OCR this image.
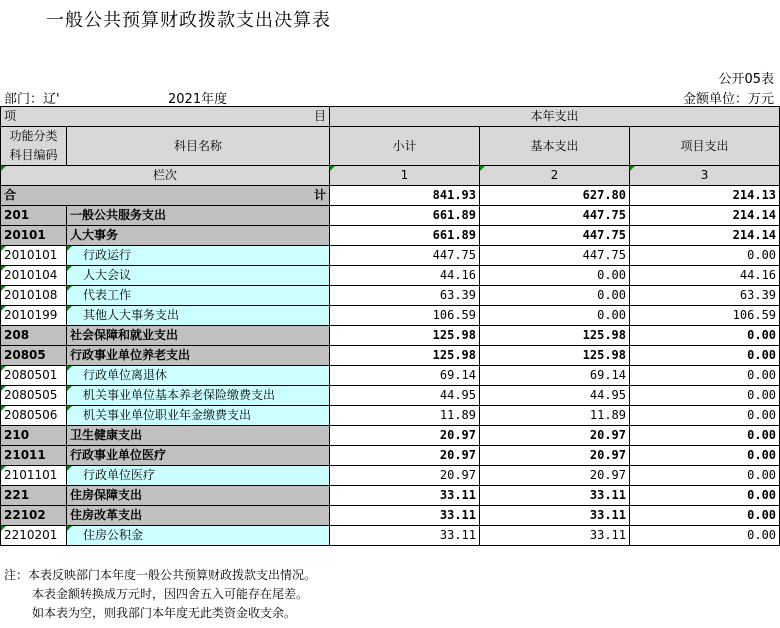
一般公共预算财政拨款支出决算表
公开05表
部门：辽'	2021年度	金额单位：万元
项 目		本年支出		
功能分类
科目编码	科目名称	小计	基本支出	项目支出
栏次		1	2	3

合 计		841.93	627.80	214.13
201	一般公共服务支出	661.89	447.75	214.14
20101	人大事务	661.89	447.75	214.14
2010101	行政运行	447.75	447.75	0.00
2010104	人大会议	44.16	0.00	44.16
2010108	代表工作	63.39	0.00	63.39
2010199	其他人大事务支出	106.59	0.00	106.59
208	社会保障和就业支出	125.98	125.98	0.00
20805	行政事业单位养老支出	125.98	125.98	0.00
2080501	行政单位离退休	69.14	69.14	0.00
2080505	机关事业单位基本养老保险缴费支出	44.95	44.95	0.00
2080506	机关事业单位职业年金缴费支出	11.89	11.89	0.00
210	卫生健康支出	20.97	20.97	0.00
21011	行政事业单位医疗	20.97	20.97	0.00
2101101	行政单位医疗	20.97	20.97	0.00
221	住房保障支出	33.11	33.11	0.00
22102	住房改革支出	33.11	33.11	0.00
2210201	住房公积金	33.11	33.11	0.00
注：本表反映部门本年度一般公共预算财政拨款支出情况。
本表金额转换成万元时，因四舍五入可能存在尾差。
如本表为空，则我部门本年度无此类资金收支余。
